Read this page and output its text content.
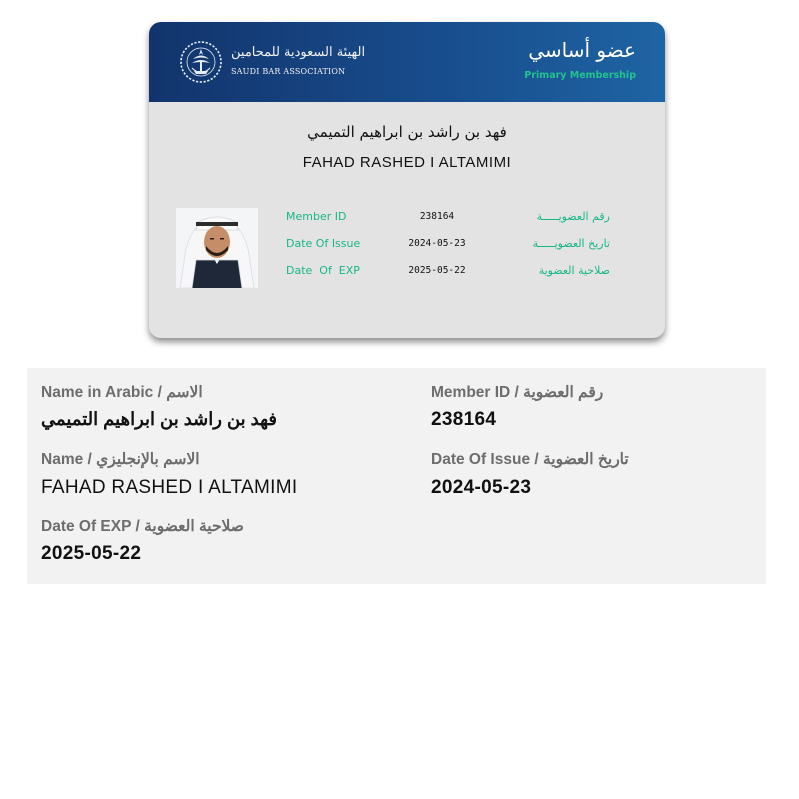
الهيئة السعودية للمحامين
SAUDI BAR ASSOCIATION
عضو أساسي
Primary Membership
فهد بن راشد بن ابراهيم التميمي
FAHAD RASHED I ALTAMIMI
Member ID	238164	رقم العضويـــــة
Date Of Issue	2024-05-23	تاريخ العضويـــــة
Date  Of  EXP	2025-05-22	صلاحية العضوية
Name in Arabic / الاسم
فهد بن راشد بن ابراهيم التميمي
Name / الاسم بالإنجليزي
FAHAD RASHED I ALTAMIMI
Date Of EXP / صلاحية العضوية
2025-05-22
Member ID / رقم العضوية
238164
Date Of Issue / تاريخ العضوية
2024-05-23
